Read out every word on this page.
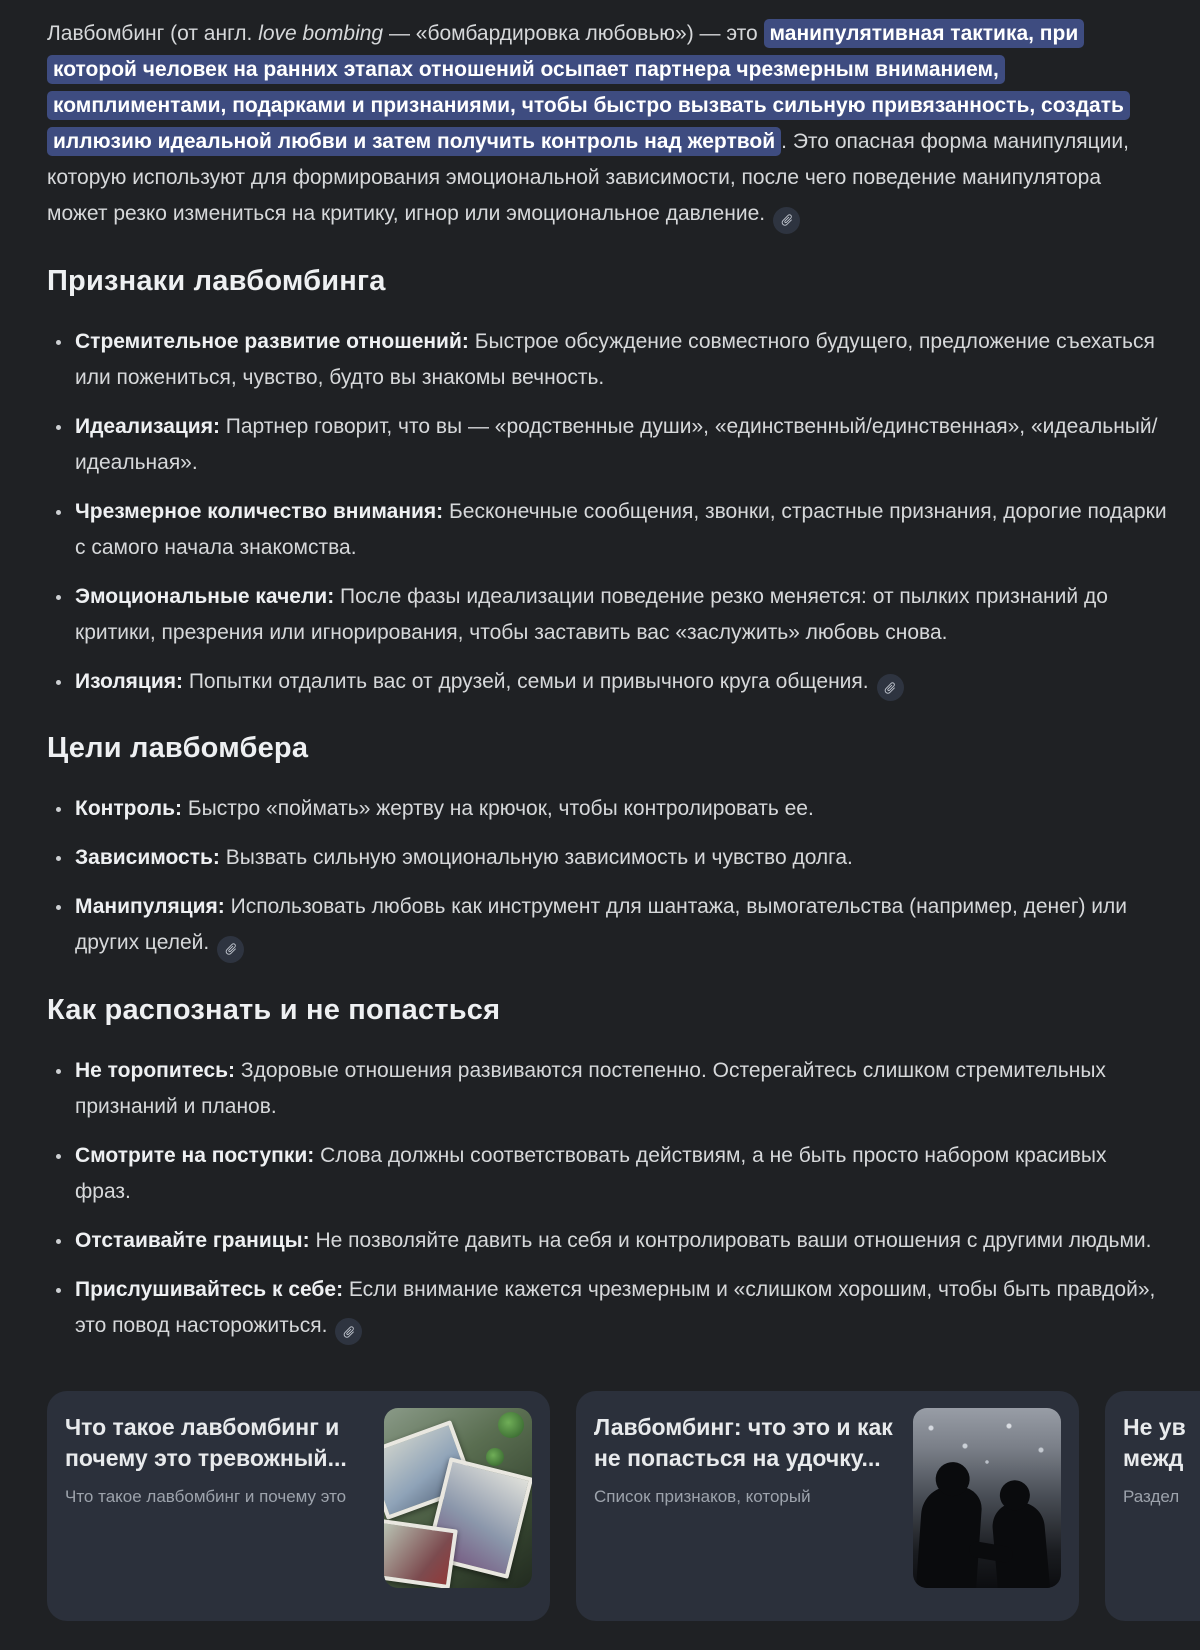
Лавбомбинг (от англ. love bombing — «бомбардировка любовью») — это манипулятивная тактика, при которой человек на ранних этапах отношений осыпает партнера чрезмерным вниманием, комплиментами, подарками и признаниями, чтобы быстро вызвать сильную привязанность, создать иллюзию идеальной любви и затем получить контроль над жертвой . Это опасная форма манипуляции, которую используют для формирования эмоциональной зависимости, после чего поведение манипулятора может резко измениться на критику, игнор или эмоциональное давление.

Признаки лавбомбинга
Стремительное развитие отношений: Быстрое обсуждение совместного будущего, предложение съехаться или пожениться, чувство, будто вы знакомы вечность.
Идеализация: Партнер говорит, что вы — «родственные души», «единственный/единственная», «идеальный/идеальная».
Чрезмерное количество внимания: Бесконечные сообщения, звонки, страстные признания, дорогие подарки с самого начала знакомства.
Эмоциональные качели: После фазы идеализации поведение резко меняется: от пылких признаний до критики, презрения или игнорирования, чтобы заставить вас «заслужить» любовь снова.
Изоляция: Попытки отдалить вас от друзей, семьи и привычного круга общения.
Цели лавбомбера
Контроль: Быстро «поймать» жертву на крючок, чтобы контролировать ее.
Зависимость: Вызвать сильную эмоциональную зависимость и чувство долга.
Манипуляция: Использовать любовь как инструмент для шантажа, вымогательства (например, денег) или других целей.
Как распознать и не попасться
Не торопитесь: Здоровые отношения развиваются постепенно. Остерегайтесь слишком стремительных признаний и планов.
Смотрите на поступки: Слова должны соответствовать действиям, а не быть просто набором красивых фраз.
Отстаивайте границы: Не позволяйте давить на себя и контролировать ваши отношения с другими людьми.
Прислушивайтесь к себе: Если внимание кажется чрезмерным и «слишком хорошим, чтобы быть правдой», это повод насторожиться.
Что такое лавбомбинг и почему это тревожный...
Что такое лавбомбинг и почему это
Лавбомбинг: что это и как не попасться на удочку...
Список признаков, который
Не ув
межд
Раздел
